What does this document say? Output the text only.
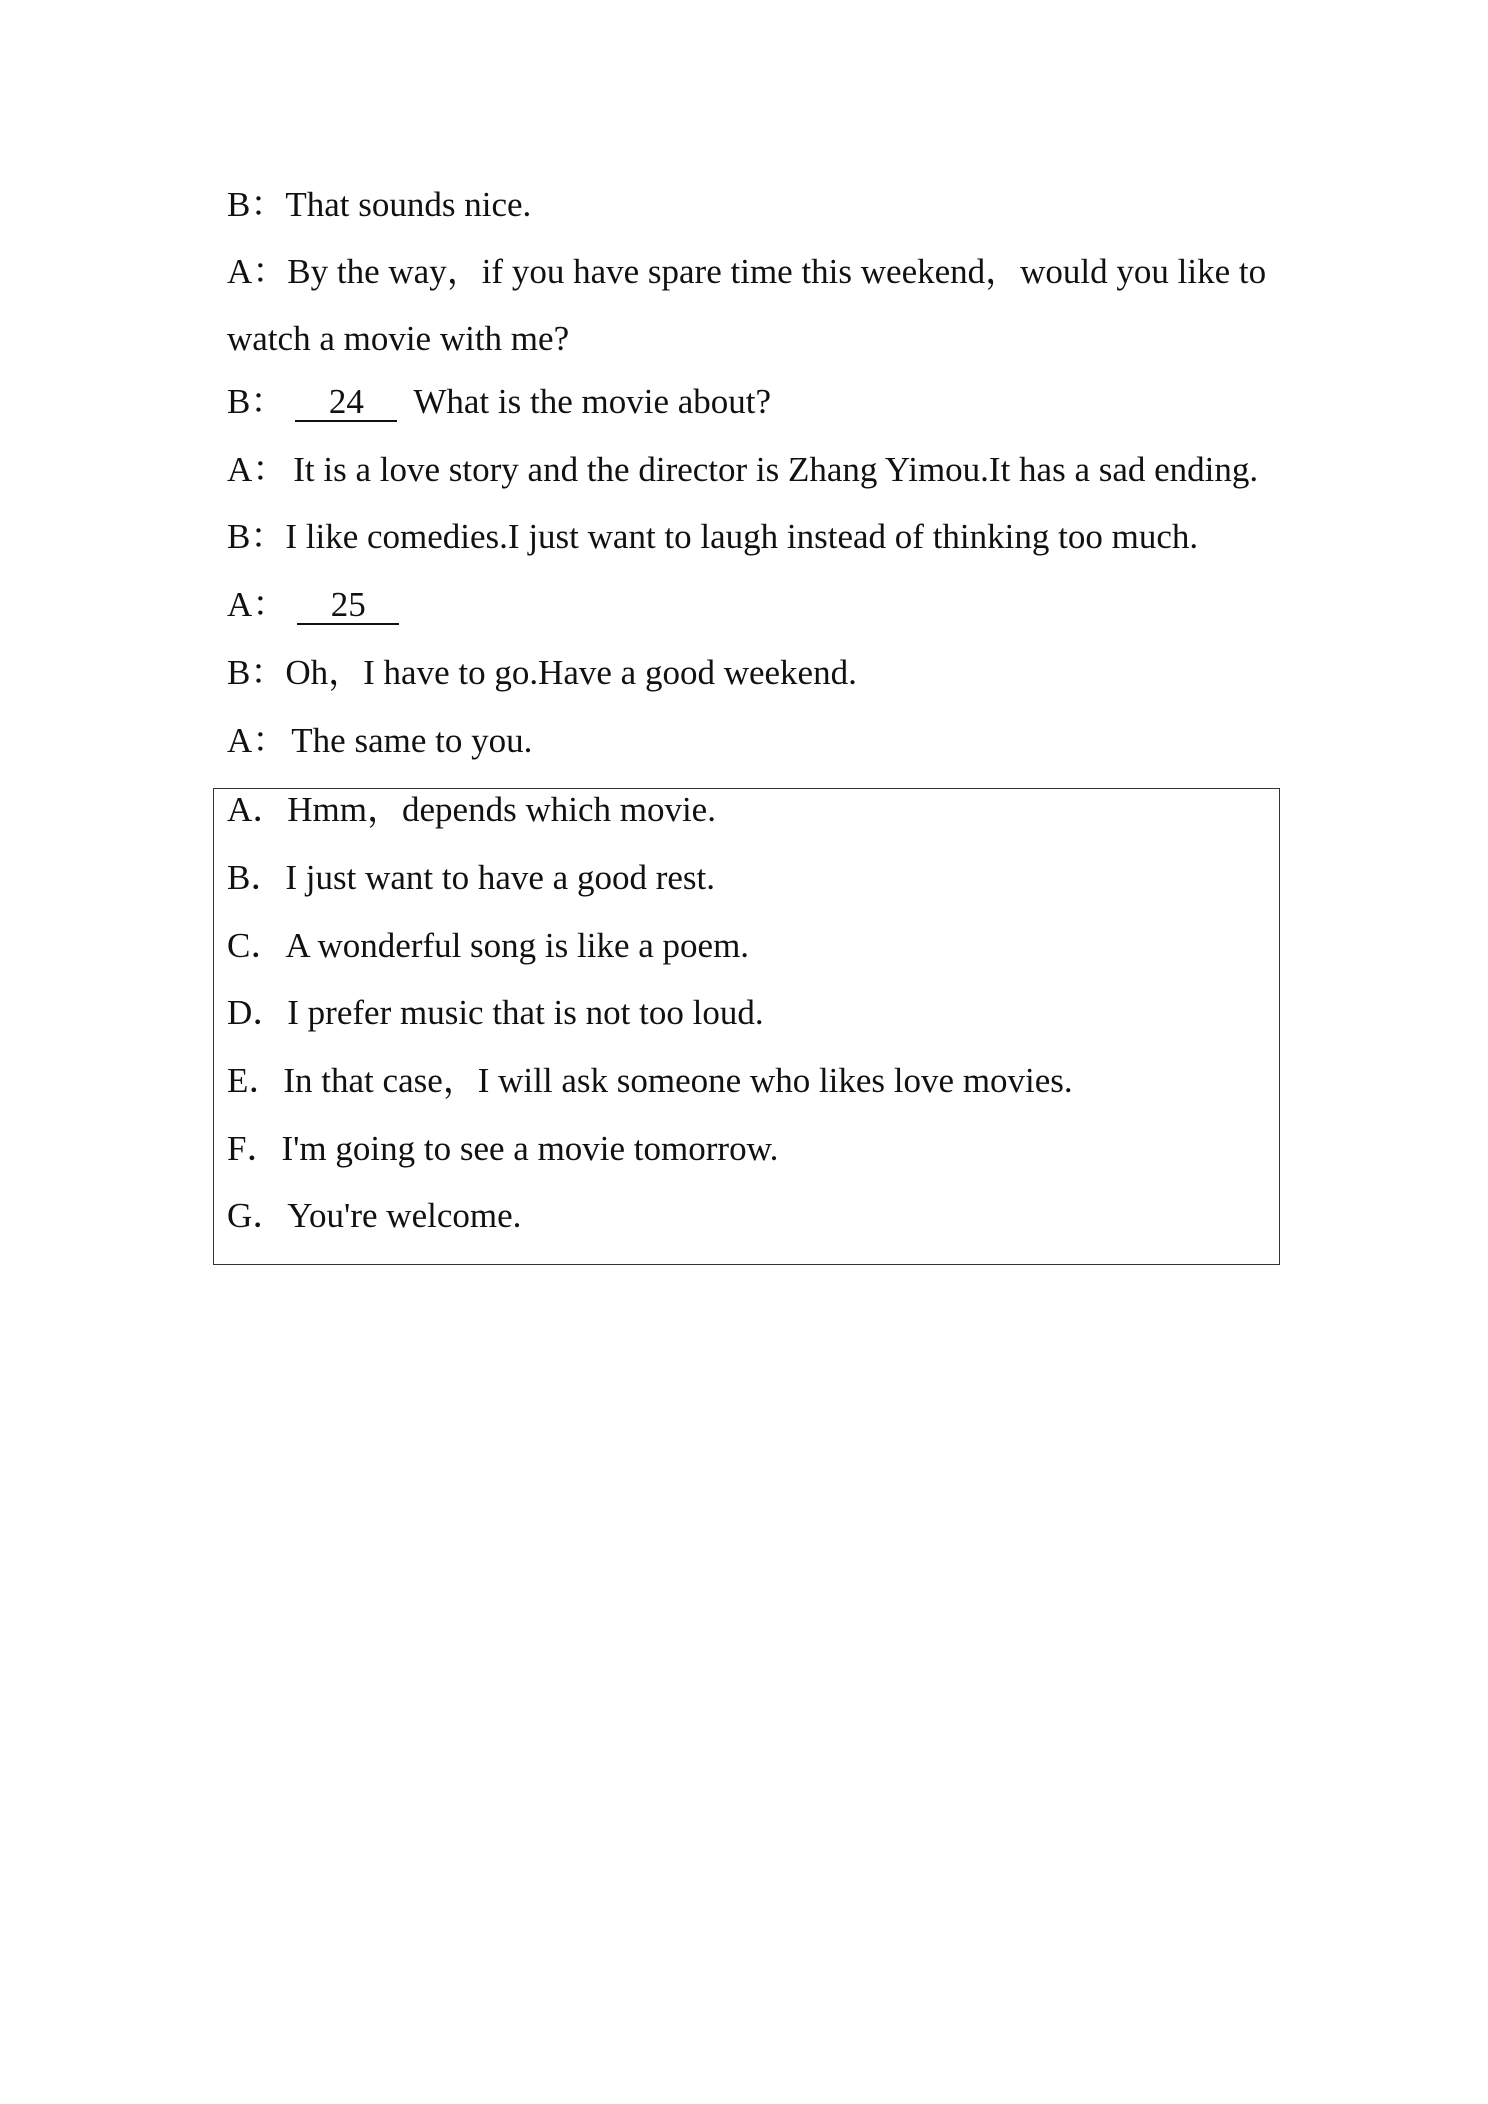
B：That sounds nice.
A：By the way，if you have spare time this weekend，would you like to
watch a movie with me?
B： 24 What is the movie about?
A： It is a love story and the director is Zhang Yimou.It has a sad ending.
B：I like comedies.I just want to laugh instead of thinking too much.
A： 25
B：Oh，I have to go.Have a good weekend.
A： The same to you.
A．Hmm，depends which movie.
B．I just want to have a good rest.
C．A wonderful song is like a poem.
D．I prefer music that is not too loud.
E．In that case，I will ask someone who likes love movies.
F．I'm going to see a movie tomorrow.
G．You're welcome.
